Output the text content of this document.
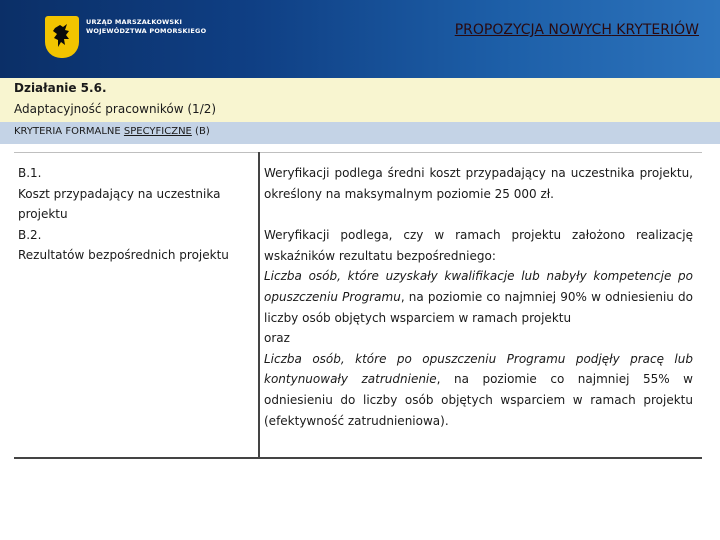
URZĄD MARSZAŁKOWSKI
WOJEWÓDZTWA POMORSKIEGO	PROPOZYCJA NOWYCH KRYTERIÓW
Działanie 5.6.
Adaptacyjność pracowników (1/2)
KRYTERIA FORMALNE SPECYFICZNE (B)
B.1.
Koszt przypadający na uczestnika
projektu
B.2.
Rezultatów bezpośrednich projektu

Weryfikacji podlega średni koszt przypadający na uczestnika projektu, określony na maksymalnym poziomie 25 000 zł.

Weryfikacji podlega, czy w ramach projektu założono realizację wskaźników rezultatu bezpośredniego:

Liczba osób, które uzyskały kwalifikacje lub nabyły kompetencje po opuszczeniu Programu, na poziomie co najmniej 90% w odniesieniu do liczby osób objętych wsparciem w ramach projektu

oraz

Liczba osób, które po opuszczeniu Programu podjęły pracę lub kontynuowały zatrudnienie, na poziomie co najmniej 55% w odniesieniu do liczby osób objętych wsparciem w ramach projektu (efektywność zatrudnieniowa).
